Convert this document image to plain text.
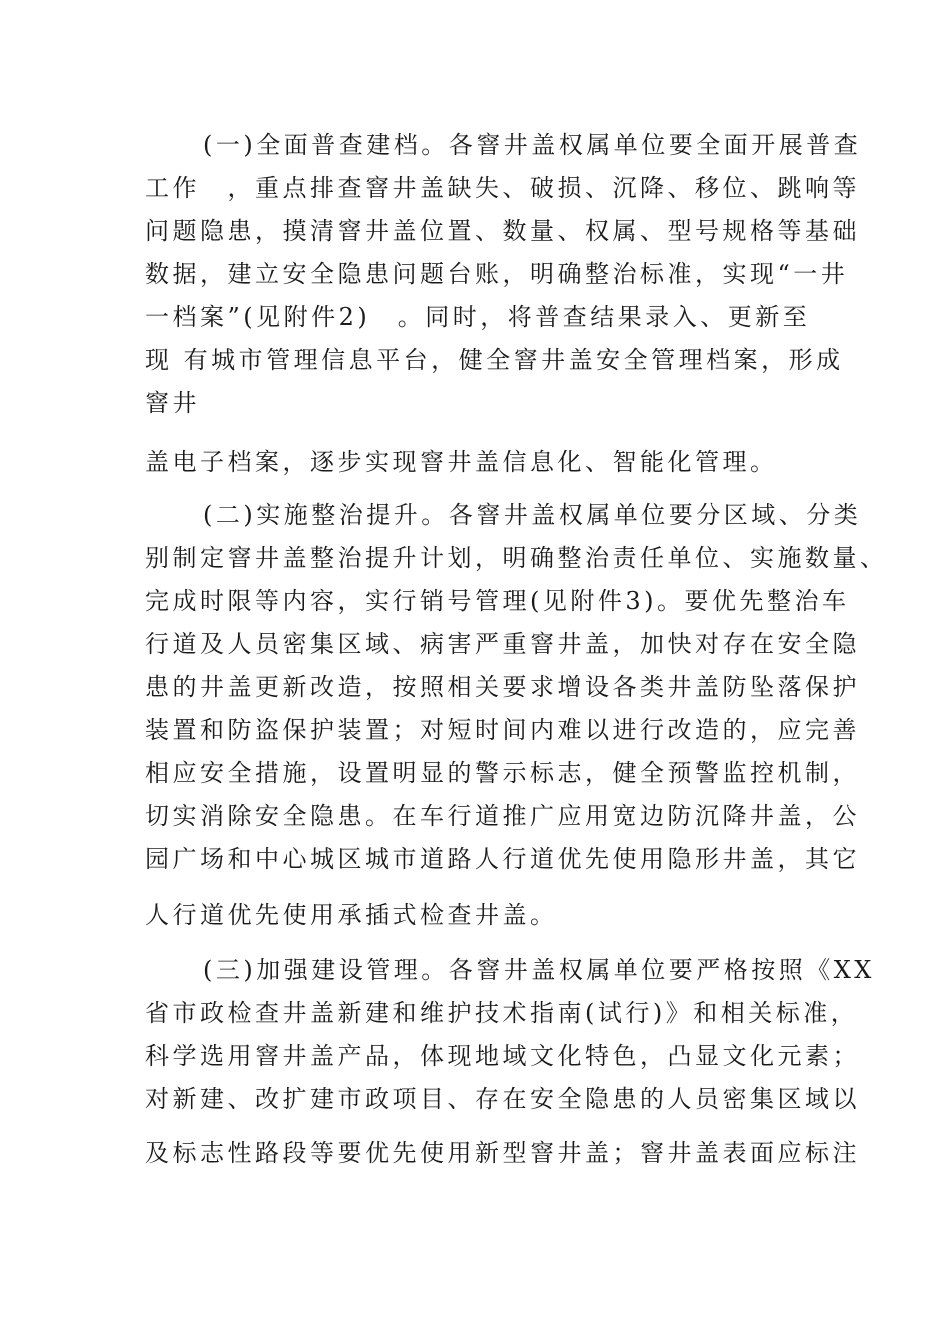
(一)全面普查建档。各窨井盖权属单位要全面开展普查
工作　，重点排查窨井盖缺失、破损、沉降、移位、跳响等
问题隐患，摸清窨井盖位置、数量、权属、型号规格等基础
数据，建立安全隐患问题台账，明确整治标准，实现“一井
一档案”(见附件2)　。同时，将普查结果录入、更新至
现 有城市管理信息平台，健全窨井盖安全管理档案，形成
窨井
盖电子档案，逐步实现窨井盖信息化、智能化管理。
(二)实施整治提升。各窨井盖权属单位要分区域、分类
别制定窨井盖整治提升计划，明确整治责任单位、实施数量、
完成时限等内容，实行销号管理(见附件3)。要优先整治车
行道及人员密集区域、病害严重窨井盖，加快对存在安全隐
患的井盖更新改造，按照相关要求增设各类井盖防坠落保护
装置和防盗保护装置；对短时间内难以进行改造的，应完善
相应安全措施，设置明显的警示标志，健全预警监控机制，
切实消除安全隐患。在车行道推广应用宽边防沉降井盖，公
园广场和中心城区城市道路人行道优先使用隐形井盖，其它
人行道优先使用承插式检查井盖。
(三)加强建设管理。各窨井盖权属单位要严格按照《XX
省市政检查井盖新建和维护技术指南(试行)》和相关标准，
科学选用窨井盖产品，体现地域文化特色，凸显文化元素；
对新建、改扩建市政项目、存在安全隐患的人员密集区域以
及标志性路段等要优先使用新型窨井盖；窨井盖表面应标注
